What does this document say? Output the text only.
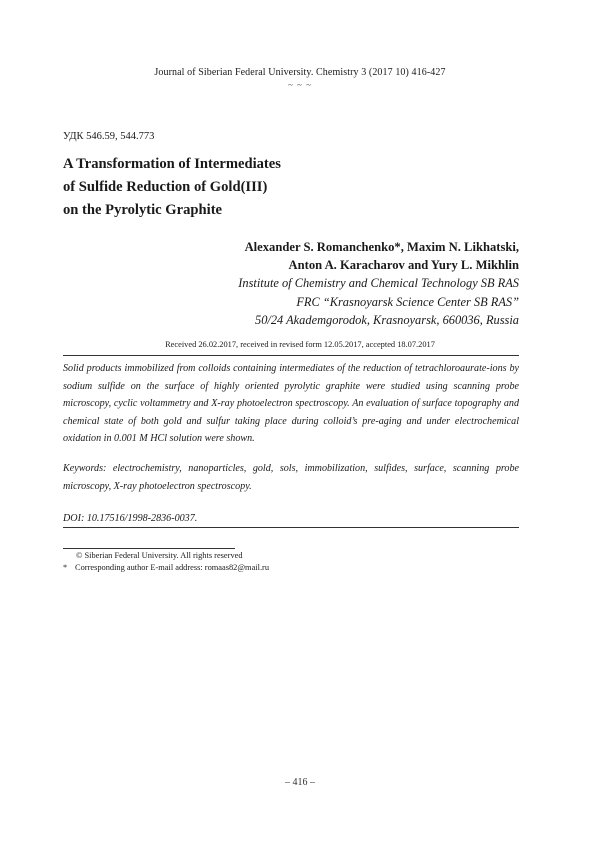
Journal of Siberian Federal University. Chemistry 3 (2017 10) 416-427
~ ~ ~
УДК 546.59, 544.773
A Transformation of Intermediates
of Sulfide Reduction of Gold(III)
on the Pyrolytic Graphite
Alexander S. Romanchenko*, Maxim N. Likhatski,
Anton A. Karacharov and Yury L. Mikhlin
Institute of Chemistry and Chemical Technology SB RAS
FRC “Krasnoyarsk Science Center SB RAS”
50/24 Akademgorodok, Krasnoyarsk, 660036, Russia
Received 26.02.2017, received in revised form 12.05.2017, accepted 18.07.2017
Solid products immobilized from colloids containing intermediates of the reduction of tetrachloroaurate-ions by sodium sulfide on the surface of highly oriented pyrolytic graphite were studied using scanning probe microscopy, cyclic voltammetry and X-ray photoelectron spectroscopy. An evaluation of surface topography and chemical state of both gold and sulfur taking place during colloid’s pre-aging and under electrochemical oxidation in 0.001 M HCl solution were shown.
Keywords: electrochemistry, nanoparticles, gold, sols, immobilization, sulfides, surface, scanning probe microscopy, X-ray photoelectron spectroscopy.
DOI: 10.17516/1998-2836-0037.
© Siberian Federal University. All rights reserved
* Corresponding author E-mail address: romaas82@mail.ru
– 416 –
